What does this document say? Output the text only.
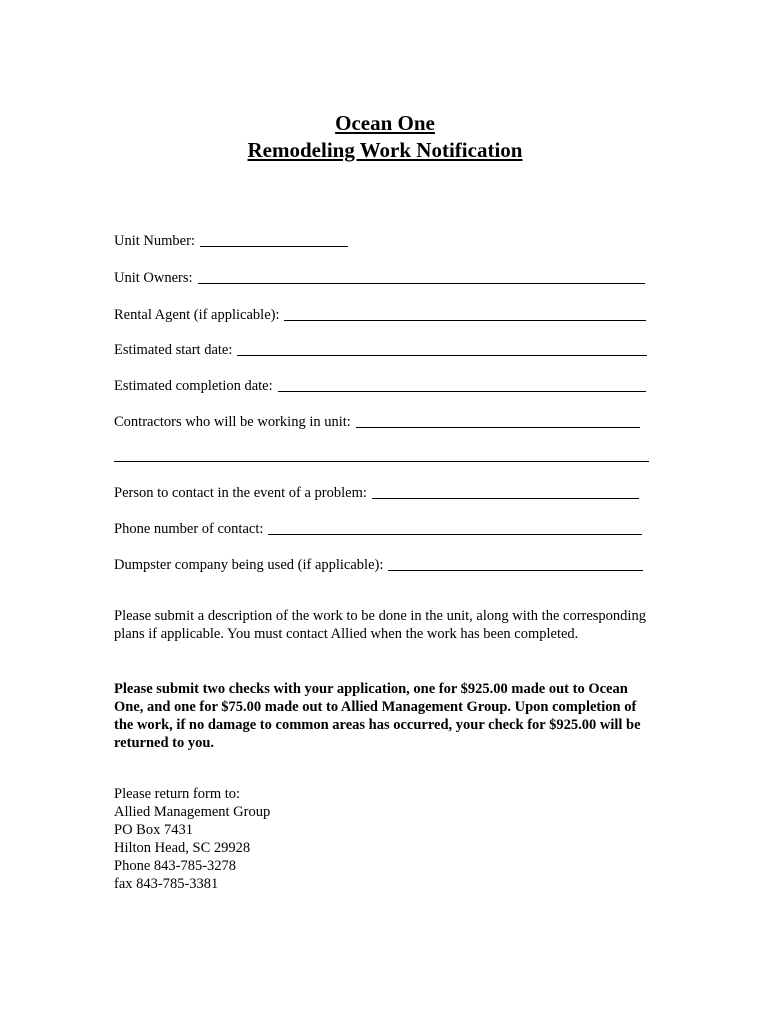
Ocean One
Remodeling Work Notification
Unit Number:
Unit Owners:
Rental Agent (if applicable):
Estimated start date:
Estimated completion date:
Contractors who will be working in unit:
Person to contact in the event of a problem:
Phone number of contact:
Dumpster company being used (if applicable):
Please submit a description of the work to be done in the unit, along with the corresponding plans if applicable. You must contact Allied when the work has been completed.
Please submit two checks with your application, one for $925.00 made out to Ocean One, and one for $75.00 made out to Allied Management Group. Upon completion of the work, if no damage to common areas has occurred, your check for $925.00 will be returned to you.
Please return form to:
Allied Management Group
PO Box 7431
Hilton Head, SC 29928
Phone 843-785-3278
fax 843-785-3381
